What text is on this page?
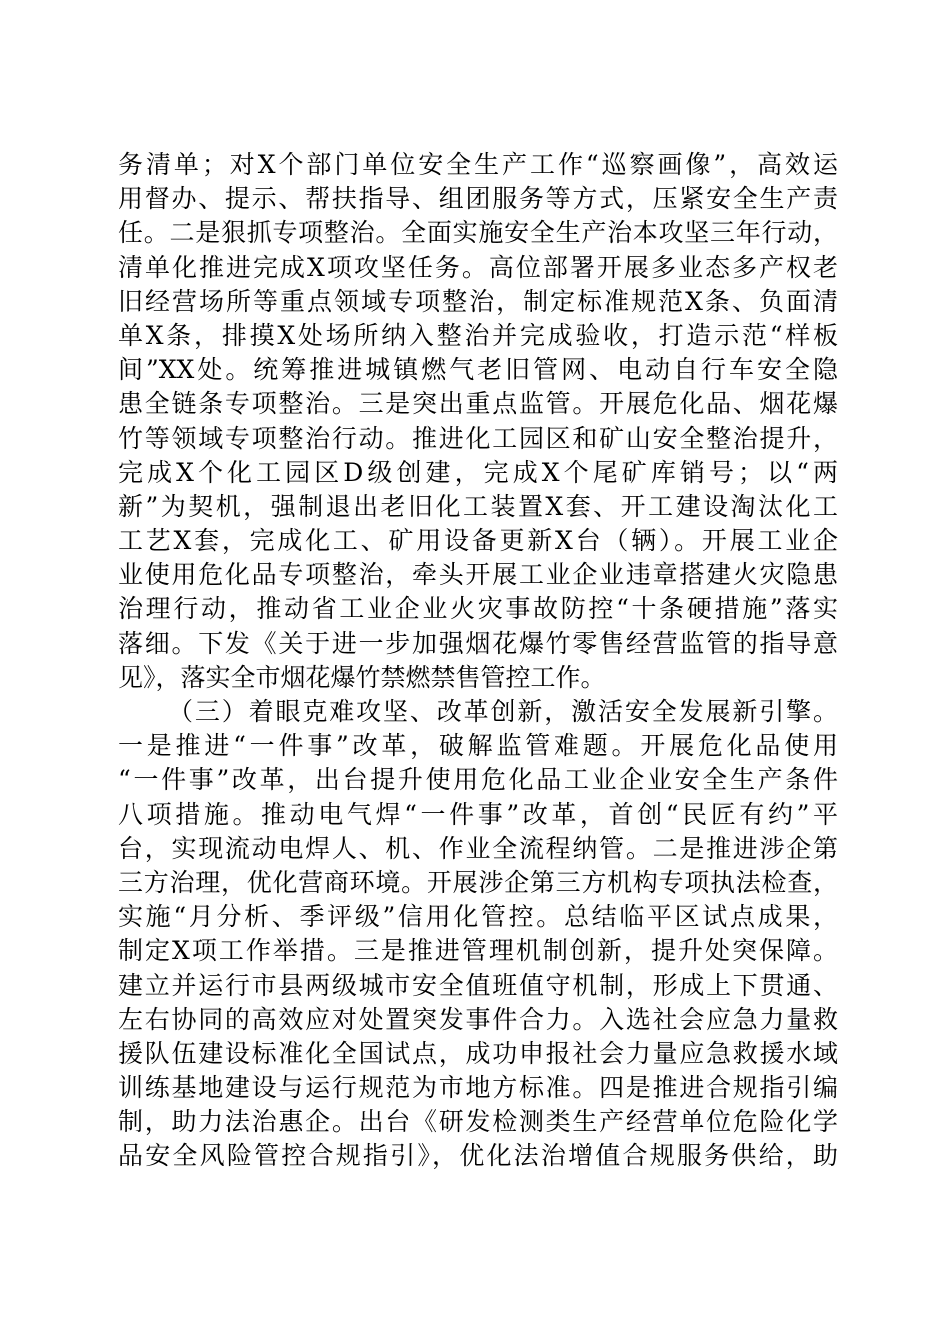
务清单；对X个部门单位安全生产工作“巡察画像”，高效运
用督办、提示、帮扶指导、组团服务等方式，压紧安全生产责
任。二是狠抓专项整治。全面实施安全生产治本攻坚三年行动，
清单化推进完成X项攻坚任务。高位部署开展多业态多产权老
旧经营场所等重点领域专项整治，制定标准规范X条、负面清
单X条，排摸X处场所纳入整治并完成验收，打造示范“样板
间”XX处。统筹推进城镇燃气老旧管网、电动自行车安全隐
患全链条专项整治。三是突出重点监管。开展危化品、烟花爆
竹等领域专项整治行动。推进化工园区和矿山安全整治提升，
完成X个化工园区D级创建，完成X个尾矿库销号；以“两
新”为契机，强制退出老旧化工装置X套、开工建设淘汰化工
工艺X套，完成化工、矿用设备更新X台（辆）。开展工业企
业使用危化品专项整治，牵头开展工业企业违章搭建火灾隐患
治理行动，推动省工业企业火灾事故防控“十条硬措施”落实
落细。下发《关于进一步加强烟花爆竹零售经营监管的指导意
见》，落实全市烟花爆竹禁燃禁售管控工作。
（三）着眼克难攻坚、改革创新，激活安全发展新引擎。
一是推进“一件事”改革，破解监管难题。开展危化品使用
“一件事”改革，出台提升使用危化品工业企业安全生产条件
八项措施。推动电气焊“一件事”改革，首创“民匠有约”平
台，实现流动电焊人、机、作业全流程纳管。二是推进涉企第
三方治理，优化营商环境。开展涉企第三方机构专项执法检查，
实施“月分析、季评级”信用化管控。总结临平区试点成果，
制定X项工作举措。三是推进管理机制创新，提升处突保障。
建立并运行市县两级城市安全值班值守机制，形成上下贯通、
左右协同的高效应对处置突发事件合力。入选社会应急力量救
援队伍建设标准化全国试点，成功申报社会力量应急救援水域
训练基地建设与运行规范为市地方标准。四是推进合规指引编
制，助力法治惠企。出台《研发检测类生产经营单位危险化学
品安全风险管控合规指引》，优化法治增值合规服务供给，助
